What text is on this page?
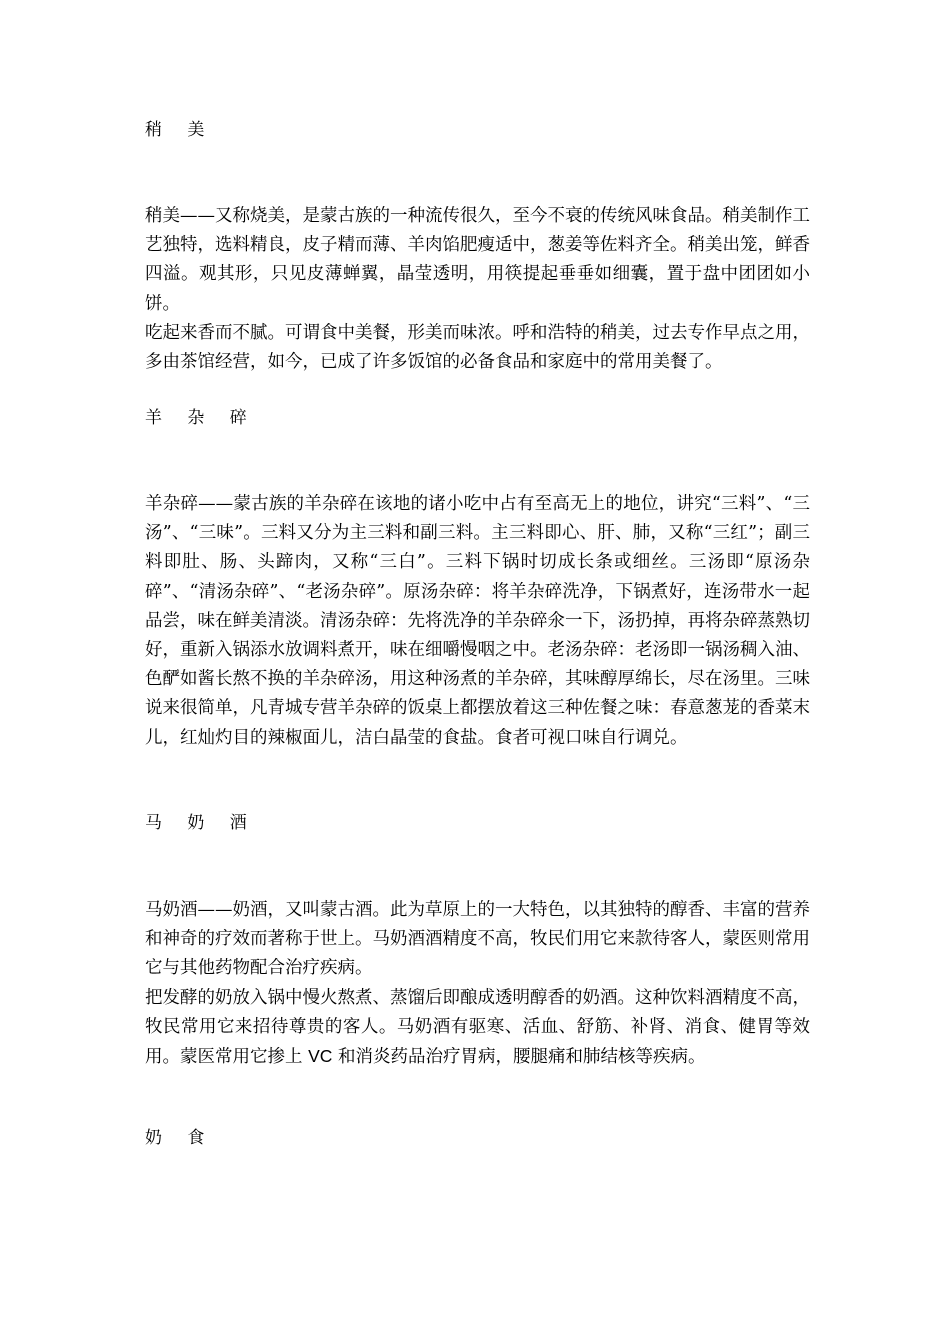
稍 美

稍美——又称烧美，是蒙古族的一种流传很久，至今不衰的传统风味食品。稍美制作工艺独特，选料精良，皮子精而薄、羊肉馅肥瘦适中，葱姜等佐料齐全。稍美出笼，鲜香四溢。观其形，只见皮薄蝉翼，晶莹透明，用筷提起垂垂如细囊，置于盘中团团如小饼。

吃起来香而不腻。可谓食中美餐，形美而味浓。呼和浩特的稍美，过去专作早点之用，多由茶馆经营，如今，已成了许多饭馆的必备食品和家庭中的常用美餐了。

羊 杂 碎

羊杂碎——蒙古族的羊杂碎在该地的诸小吃中占有至高无上的地位，讲究“三料”、“三汤”、“三味”。三料又分为主三料和副三料。主三料即心、肝、肺，又称“三红”；副三料即肚、肠、头蹄肉，又称“三白”。三料下锅时切成长条或细丝。三汤即“原汤杂碎”、“清汤杂碎”、“老汤杂碎”。原汤杂碎：将羊杂碎洗净，下锅煮好，连汤带水一起品尝，味在鲜美清淡。清汤杂碎：先将洗净的羊杂碎氽一下，汤扔掉，再将杂碎蒸熟切好，重新入锅添水放调料煮开，味在细嚼慢咽之中。老汤杂碎：老汤即一锅汤稠入油、色酽如酱长熬不换的羊杂碎汤，用这种汤煮的羊杂碎，其味醇厚绵长，尽在汤里。三味说来很简单，凡青城专营羊杂碎的饭桌上都摆放着这三种佐餐之味：春意葱茏的香菜末儿，红灿灼目的辣椒面儿，洁白晶莹的食盐。食者可视口味自行调兑。

马 奶 酒

马奶酒——奶酒，又叫蒙古酒。此为草原上的一大特色，以其独特的醇香、丰富的营养和神奇的疗效而著称于世上。马奶酒酒精度不高，牧民们用它来款待客人，蒙医则常用它与其他药物配合治疗疾病。

把发酵的奶放入锅中慢火熬煮、蒸馏后即酿成透明醇香的奶酒。这种饮料酒精度不高，牧民常用它来招待尊贵的客人。马奶酒有驱寒、活血、舒筋、补肾、消食、健胃等效用。蒙医常用它掺上 VC 和消炎药品治疗胃病，腰腿痛和肺结核等疾病。

奶 食
